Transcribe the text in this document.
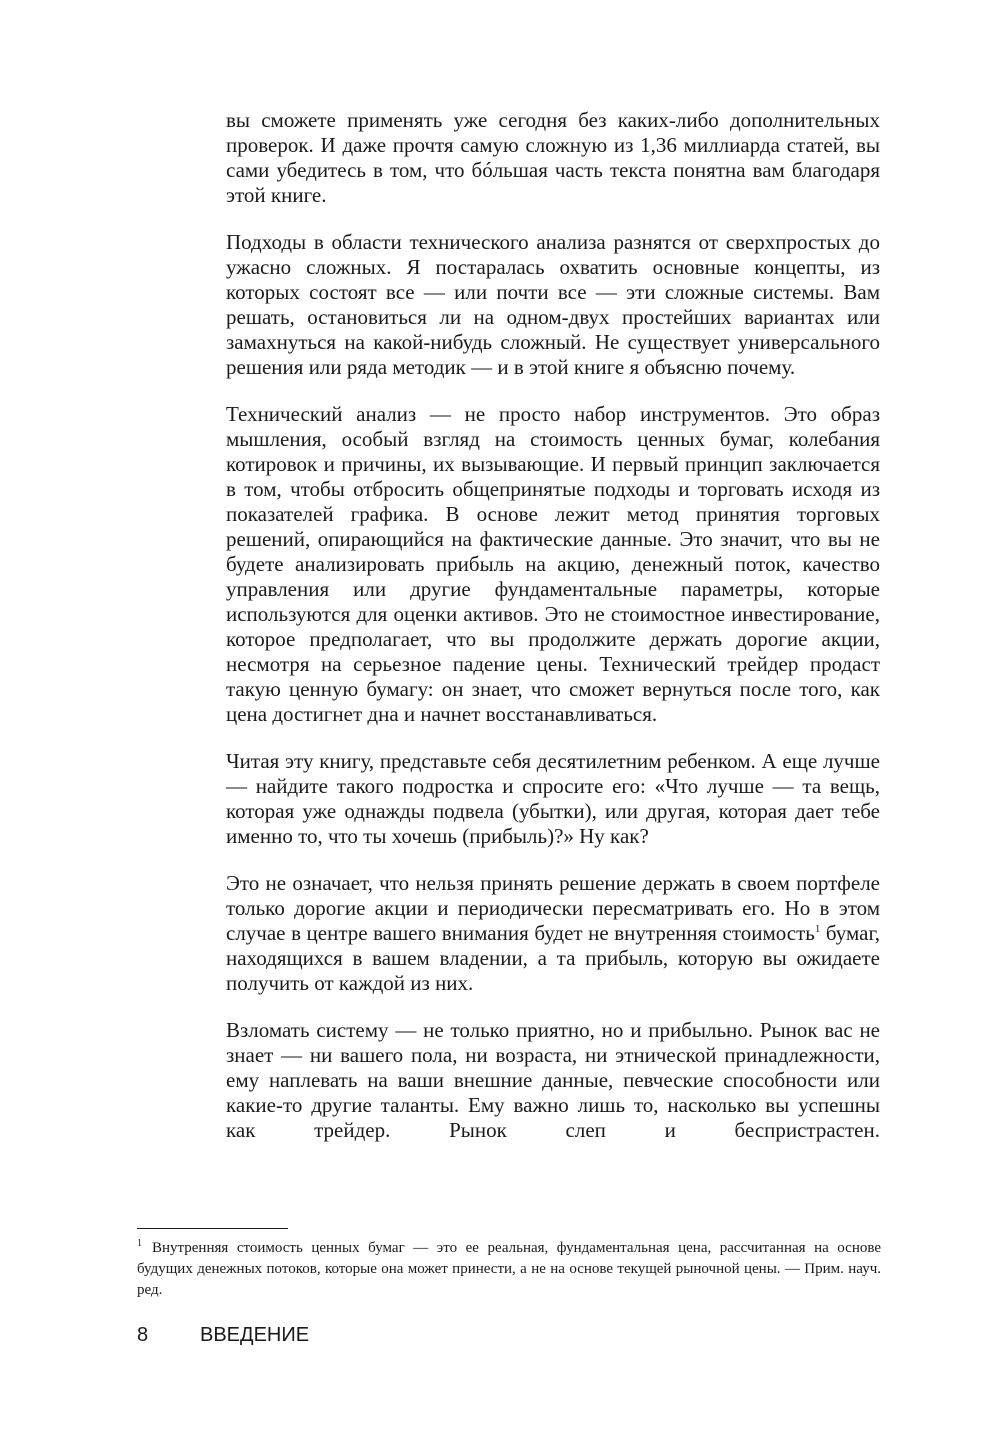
вы сможете применять уже сегодня без каких-либо дополнительных проверок. И даже прочтя самую сложную из 1,36 миллиарда статей, вы сами убедитесь в том, что бóльшая часть текста понятна вам благодаря этой книге.

Подходы в области технического анализа разнятся от сверхпростых до ужасно сложных. Я постаралась охватить основные концепты, из которых состоят все — или почти все — эти сложные системы. Вам решать, остановиться ли на одном-двух простейших вариантах или замахнуться на какой-нибудь сложный. Не существует универсального решения или ряда методик — и в этой книге я объясню почему.

Технический анализ — не просто набор инструментов. Это образ мышления, особый взгляд на стоимость ценных бумаг, колебания котировок и причины, их вызывающие. И первый принцип заключается в том, чтобы отбросить общепринятые подходы и торговать исходя из показателей графика. В основе лежит метод принятия торговых решений, опирающийся на фактические данные. Это значит, что вы не будете анализировать прибыль на акцию, денежный поток, качество управления или другие фундаментальные параметры, которые используются для оценки активов. Это не стоимостное инвестирование, которое предполагает, что вы продолжите держать дорогие акции, несмотря на серьезное падение цены. Технический трейдер продаст такую ценную бумагу: он знает, что сможет вернуться после того, как цена достигнет дна и начнет восстанавливаться.

Читая эту книгу, представьте себя десятилетним ребенком. А еще лучше — найдите такого подростка и спросите его: «Что лучше — та вещь, которая уже однажды подвела (убытки), или другая, которая дает тебе именно то, что ты хочешь (прибыль)?» Ну как?

Это не означает, что нельзя принять решение держать в своем портфеле только дорогие акции и периодически пересматривать его. Но в этом случае в центре вашего внимания будет не внутренняя стоимость$^1$ бумаг, находящихся в вашем владении, а та прибыль, которую вы ожидаете получить от каждой из них.

Взломать систему — не только приятно, но и прибыльно. Рынок вас не знает — ни вашего пола, ни возраста, ни этнической принадлежности, ему наплевать на ваши внешние данные, певческие способности или какие-то другие таланты. Ему важно лишь то, насколько вы успешны как трейдер. Рынок слеп и беспристрастен.

$^1$ Внутренняя стоимость ценных бумаг — это ее реальная, фундаментальная цена, рассчитанная на основе будущих денежных потоков, которые она может принести, а не на основе текущей рыночной цены. — Прим. науч. ред.
8	ВВЕДЕНИЕ
